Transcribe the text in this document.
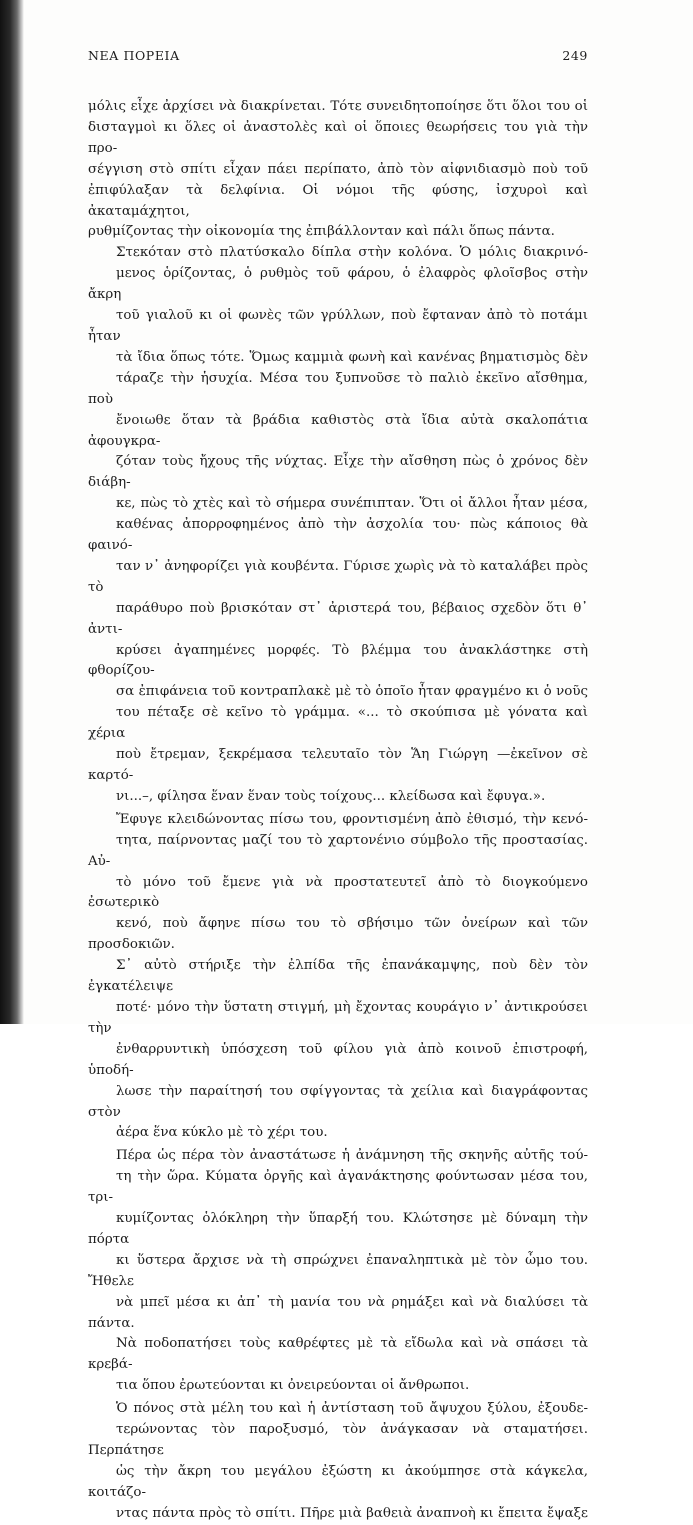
ΝΕΑ ΠΟΡΕΙΑ	249

μόλις εἶχε ἀρχίσει νὰ διακρίνεται. Τότε συνειδητοποίησε ὅτι ὅλοι του οἱ
δισταγμοὶ κι ὅλες οἱ ἀναστολὲς καὶ οἱ ὅποιες θεωρήσεις του γιὰ τὴν προ-
σέγγιση στὸ σπίτι εἶχαν πάει περίπατο, ἀπὸ τὸν αἰφνιδιασμὸ ποὺ τοῦ
ἐπιφύλαξαν τὰ δελφίνια. Οἱ νόμοι τῆς φύσης, ἰσχυροὶ καὶ ἀκαταμάχητοι,
ρυθμίζοντας τὴν οἰκονομία της ἐπιβάλλονταν καὶ πάλι ὅπως πάντα.

Στεκόταν στὸ πλατύσκαλο δίπλα στὴν κολόνα. Ὁ μόλις διακρινό-
μενος ὁρίζοντας, ὁ ρυθμὸς τοῦ φάρου, ὁ ἐλαφρὸς φλοῖσβος στὴν ἄκρη
τοῦ γιαλοῦ κι οἱ φωνὲς τῶν γρύλλων, ποὺ ἔφταναν ἀπὸ τὸ ποτάμι ἦταν
τὰ ἴδια ὅπως τότε. Ὅμως καμμιὰ φωνὴ καὶ κανένας βηματισμὸς δὲν
τάραζε τὴν ἡσυχία. Μέσα του ξυπνοῦσε τὸ παλιὸ ἐκεῖνο αἴσθημα, ποὺ
ἔνοιωθε ὅταν τὰ βράδια καθιστὸς στὰ ἴδια αὐτὰ σκαλοπάτια ἀφουγκρα-
ζόταν τοὺς ἤχους τῆς νύχτας. Εἶχε τὴν αἴσθηση πὼς ὁ χρόνος δὲν διάβη-
κε, πὼς τὸ χτὲς καὶ τὸ σήμερα συνέπιπταν. Ὅτι οἱ ἄλλοι ἦταν μέσα,
καθένας ἀπορροφημένος ἀπὸ τὴν ἀσχολία του· πὼς κάποιος θὰ φαινό-
ταν ν᾽ ἀνηφορίζει γιὰ κουβέντα. Γύρισε χωρὶς νὰ τὸ καταλάβει πρὸς τὸ
παράθυρο ποὺ βρισκόταν στ᾽ ἀριστερά του, βέβαιος σχεδὸν ὅτι θ᾽ ἀντι-
κρύσει ἀγαπημένες μορφές. Τὸ βλέμμα του ἀνακλάστηκε στὴ φθορίζου-
σα ἐπιφάνεια τοῦ κοντραπλακὲ μὲ τὸ ὁποῖο ἦταν φραγμένο κι ὁ νοῦς
του πέταξε σὲ κεῖνο τὸ γράμμα. «... τὸ σκούπισα μὲ γόνατα καὶ χέρια
ποὺ ἔτρεμαν, ξεκρέμασα τελευταῖο τὸν Ἅη Γιώργη —ἐκεῖνον σὲ καρτό-
νι...–, φίλησα ἕναν ἕναν τοὺς τοίχους... κλείδωσα καὶ ἔφυγα.».

Ἔφυγε κλειδώνοντας πίσω του, φροντισμένη ἀπὸ ἐθισμό, τὴν κενό-
τητα, παίρνοντας μαζί του τὸ χαρτονένιο σύμβολο τῆς προστασίας. Αὐ-
τὸ μόνο τοῦ ἔμενε γιὰ νὰ προστατευτεῖ ἀπὸ τὸ διογκούμενο ἐσωτερικὸ
κενό, ποὺ ἄφηνε πίσω του τὸ σβήσιμο τῶν ὀνείρων καὶ τῶν προσδοκιῶν.
Σ᾽ αὐτὸ στήριξε τὴν ἐλπίδα τῆς ἐπανάκαμψης, ποὺ δὲν τὸν ἐγκατέλειψε
ποτέ· μόνο τὴν ὕστατη στιγμή, μὴ ἔχοντας κουράγιο ν᾽ ἀντικρούσει τὴν
ἐνθαρρυντικὴ ὑπόσχεση τοῦ φίλου γιὰ ἀπὸ κοινοῦ ἐπιστροφή, ὑποδή-
λωσε τὴν παραίτησή του σφίγγοντας τὰ χείλια καὶ διαγράφοντας στὸν
ἀέρα ἕνα κύκλο μὲ τὸ χέρι του.

Πέρα ὡς πέρα τὸν ἀναστάτωσε ἡ ἀνάμνηση τῆς σκηνῆς αὐτῆς τού-
τη τὴν ὥρα. Κύματα ὀργῆς καὶ ἀγανάκτησης φούντωσαν μέσα του, τρι-
κυμίζοντας ὁλόκληρη τὴν ὕπαρξή του. Κλώτσησε μὲ δύναμη τὴν πόρτα
κι ὕστερα ἄρχισε νὰ τὴ σπρώχνει ἐπαναληπτικὰ μὲ τὸν ὦμο του. Ἤθελε
νὰ μπεῖ μέσα κι ἀπ᾽ τὴ μανία του νὰ ρημάξει καὶ νὰ διαλύσει τὰ πάντα.
Νὰ ποδοπατήσει τοὺς καθρέφτες μὲ τὰ εἴδωλα καὶ νὰ σπάσει τὰ κρεβά-
τια ὅπου ἐρωτεύονται κι ὀνειρεύονται οἱ ἄνθρωποι.

Ὁ πόνος στὰ μέλη του καὶ ἡ ἀντίσταση τοῦ ἄψυχου ξύλου, ἐξουδε-
τερώνοντας τὸν παροξυσμό, τὸν ἀνάγκασαν νὰ σταματήσει. Περπάτησε
ὡς τὴν ἄκρη του μεγάλου ἐξώστη κι ἀκούμπησε στὰ κάγκελα, κοιτάζο-
ντας πάντα πρὸς τὸ σπίτι. Πῆρε μιὰ βαθειὰ ἀναπνοὴ κι ἔπειτα ἔψαξε
